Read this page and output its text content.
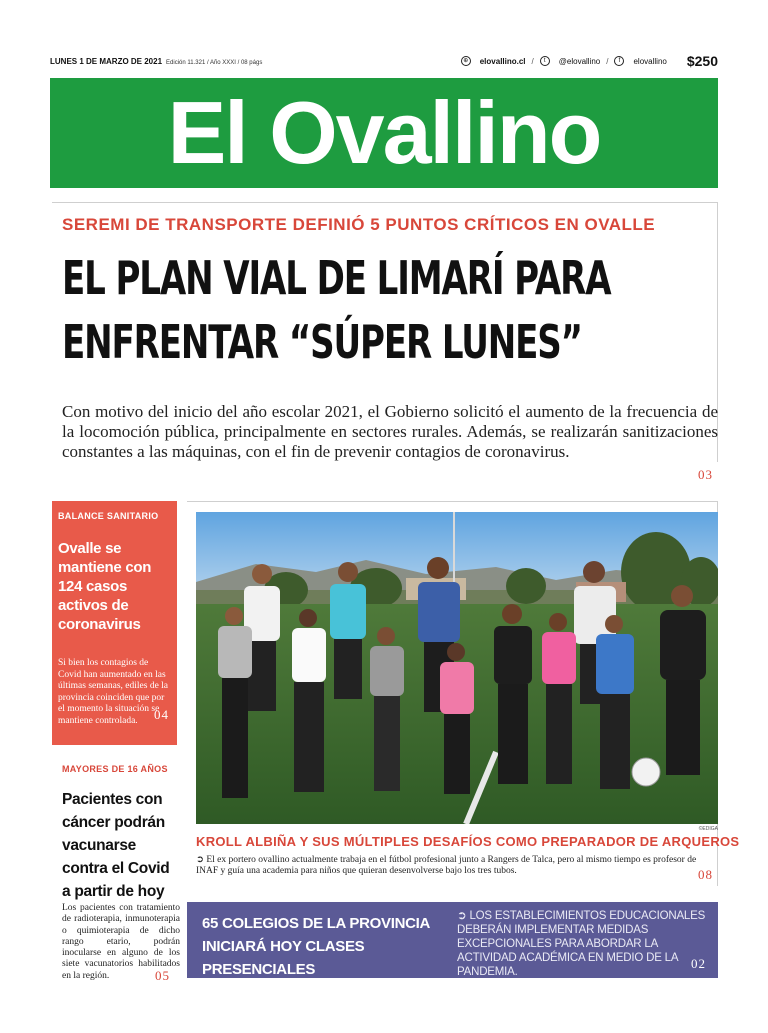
LUNES 1 DE MARZO DE 2021 Edición 11.321 / Año XXXI / 08 págs	⊕	elovallino.cl /	t	@elovallino /	f	elovallino $250
El Ovallino
SEREMI DE TRANSPORTE DEFINIÓ 5 PUNTOS CRÍTICOS EN OVALLE
EL PLAN VIAL DE LIMARÍ PARA
ENFRENTAR “SÚPER LUNES”

Con motivo del inicio del año escolar 2021, el Gobierno solicitó el aumento de la frecuencia de la locomoción pública, principalmente en sectores rurales. Además, se realizarán sanitizaciones constantes a las máquinas, con el fin de prevenir contagios de coronavirus.

03
BALANCE SANITARIO
Ovalle se mantiene con 124 casos activos de coronavirus
Si bien los contagios de Covid han aumentado en las últimas semanas, ediles de la provincia coinciden que por el momento la situación se mantiene controlada.	04
MAYORES DE 16 AÑOS
Pacientes con cáncer podrán vacunarse contra el Covid a partir de hoy
Los pacientes con tratamiento de radioterapia, inmunoterapia o quimioterapia de dicho rango etario, podrán inocularse en alguno de los siete vacunatorios habilitados en la región.	05
©EDIGA
KROLL ALBIÑA Y SUS MÚLTIPLES DESAFÍOS COMO PREPARADOR DE ARQUEROS

➲ El ex portero ovallino actualmente trabaja en el fútbol profesional junto a Rangers de Talca, pero al mismo tiempo es profesor de INAF y guía una academia para niños que quieran desenvolverse bajo los tres tubos.	08
65 COLEGIOS DE LA PROVINCIA INICIARÁ HOY CLASES PRESENCIALES
➲ LOS ESTABLECIMIENTOS EDUCACIONALES DEBERÁN IMPLEMENTAR MEDIDAS EXCEPCIONALES PARA ABORDAR LA ACTIVIDAD ACADÉMICA EN MEDIO DE LA PANDEMIA.
02
